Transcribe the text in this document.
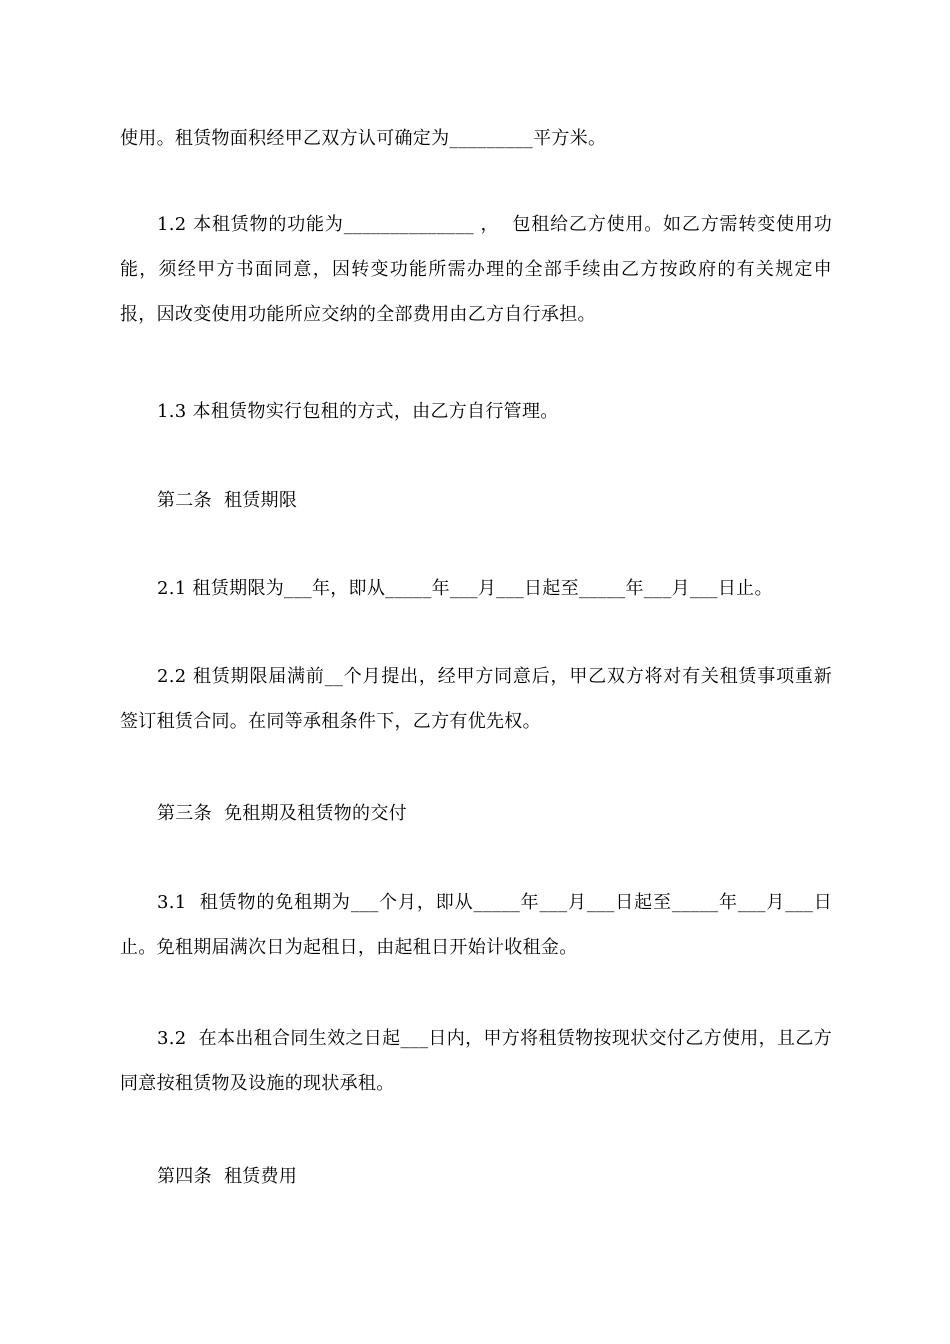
使用。租赁物面积经甲乙双方认可确定为_________平方米。

1.2 本租赁物的功能为______________ ，  包租给乙方使用。如乙方需转变使用功能，须经甲方书面同意，因转变功能所需办理的全部手续由乙方按政府的有关规定申报，因改变使用功能所应交纳的全部费用由乙方自行承担。

1.3 本租赁物实行包租的方式，由乙方自行管理。

第二条  租赁期限

2.1 租赁期限为___年，即从_____年___月___日起至_____年___月___日止。

2.2 租赁期限届满前__个月提出，经甲方同意后，甲乙双方将对有关租赁事项重新签订租赁合同。在同等承租条件下，乙方有优先权。

第三条  免租期及租赁物的交付

3.1  租赁物的免租期为___个月，即从_____年___月___日起至_____年___月___日止。免租期届满次日为起租日，由起租日开始计收租金。

3.2  在本出租合同生效之日起___日内，甲方将租赁物按现状交付乙方使用，且乙方同意按租赁物及设施的现状承租。

第四条  租赁费用
